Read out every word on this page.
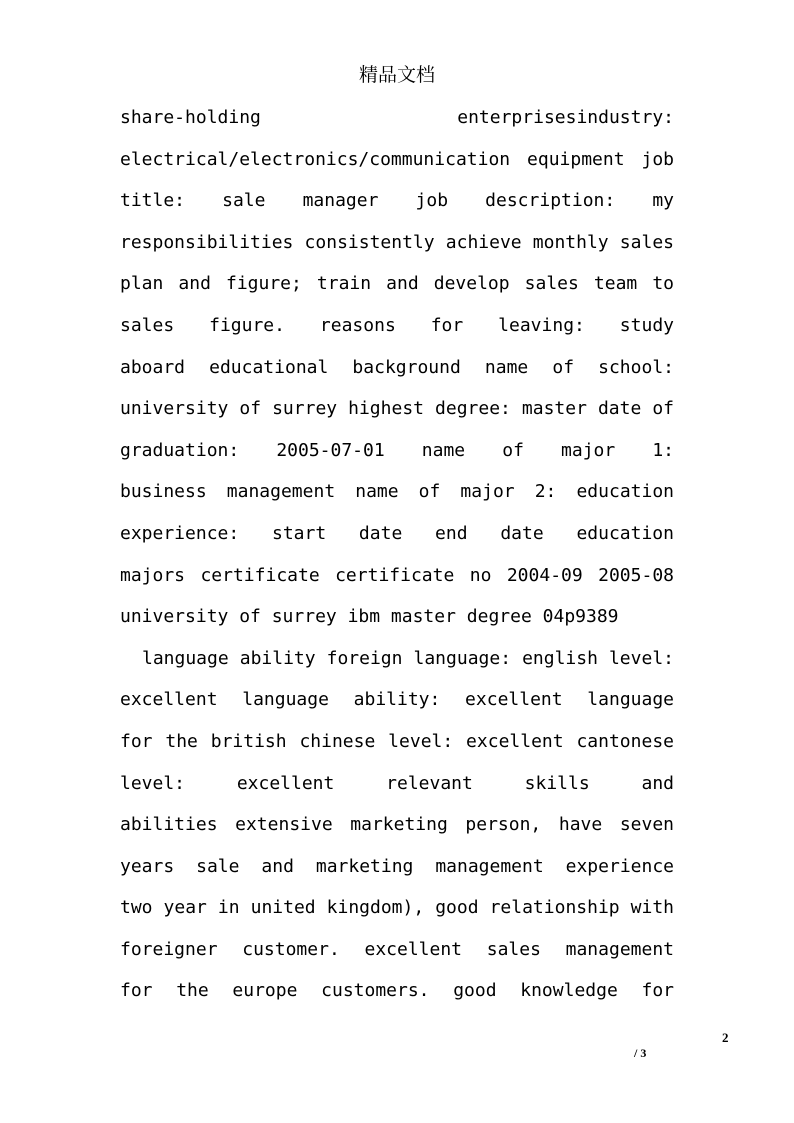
精品文档
share-holding enterprisesindustry:
electrical/electronics/communication equipment job
title: sale manager job description: my
responsibilities consistently achieve monthly sales
plan and figure; train and develop sales team to
sales figure. reasons for leaving: study
aboard educational background name of school:
university of surrey highest degree: master date of
graduation: 2005-07-01 name of major 1:
business management name of major 2: education
experience: start date end date education
majors certificate certificate no 2004-09 2005-08
university of surrey ibm master degree 04p9389
language ability foreign language: english level:
excellent language ability: excellent language
for the british chinese level: excellent cantonese
level: excellent relevant skills and
abilities extensive marketing person, have seven
years sale and marketing management experience
two year in united kingdom), good relationship with
foreigner customer. excellent sales management
for the europe customers. good knowledge for
2
/ 3
